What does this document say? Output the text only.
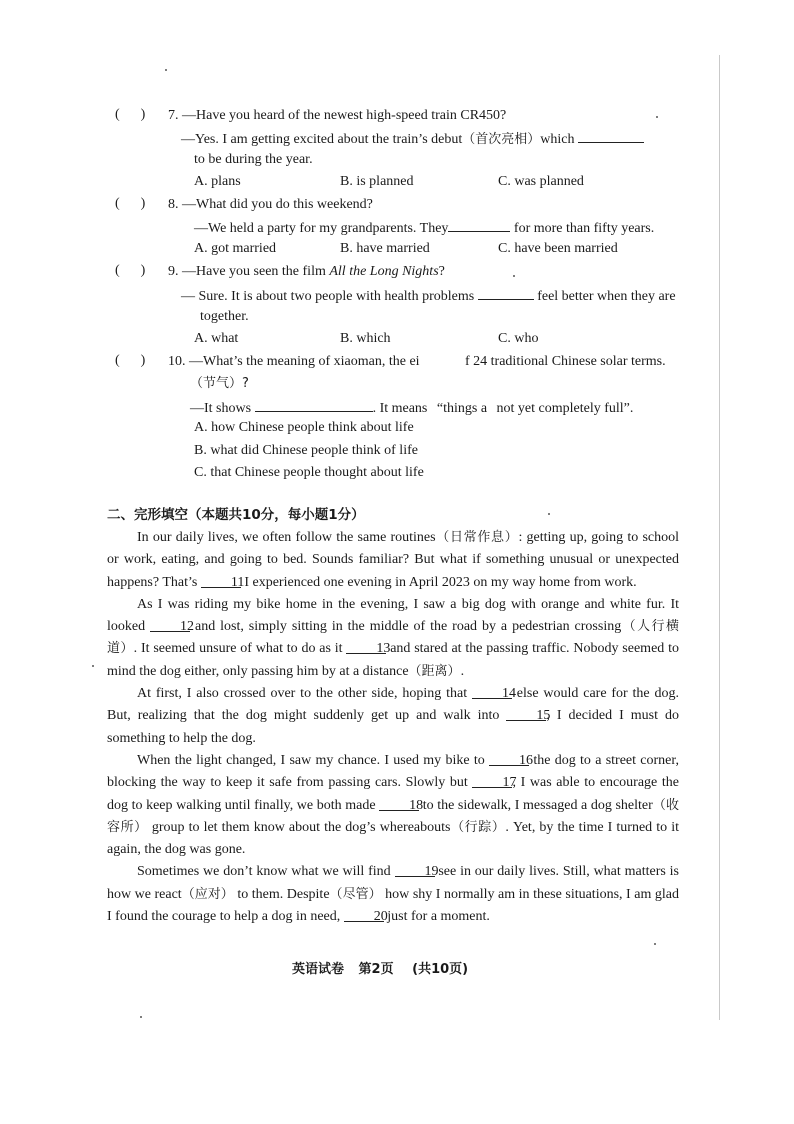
(      ) 7. —Have you heard of the newest high-speed train CR450?
—Yes. I am getting excited about the train’s debut（首次亮相）which
to be during the year.
A. plans	B. is planned	C. was planned
(      ) 8. —What did you do this weekend?
—We held a party for my grandparents. They	for more than fifty years.
A. got married	B. have married	C. have been married
(      ) 9. —Have you seen the film All the Long Nights?
— Sure. It is about two people with health problems	feel better when they are
together.
A. what	B. which	C. who
(      ) 10. —What’s the meaning of xiaoman, the ei	f 24 traditional Chinese solar terms.
（节气）?
—It shows	. It means “things a not yet completely full”.
A. how Chinese people think about life
B. what did Chinese people think of life
C. that Chinese people thought about life
二、完形填空（本题共10分，每小题1分）

In our daily lives, we often follow the same routines（日常作息）: getting up, going to school or work, eating, and going to bed. Sounds familiar? But what if something unusual or unexpected happens? That’s 11 I experienced one evening in April 2023 on my way home from work.

As I was riding my bike home in the evening, I saw a big dog with orange and white fur. It looked 12 and lost, simply sitting in the middle of the road by a pedestrian crossing（人行横道）. It seemed unsure of what to do as it 13 and stared at the passing traffic. Nobody seemed to mind the dog either, only passing him by at a distance（距离）.

At first, I also crossed over to the other side, hoping that 14 else would care for the dog. But, realizing that the dog might suddenly get up and walk into 15, I decided I must do something to help the dog.

When the light changed, I saw my chance. I used my bike to 16 the dog to a street corner, blocking the way to keep it safe from passing cars. Slowly but 17, I was able to encourage the dog to keep walking until finally, we both made 18 to the sidewalk, I messaged a dog shelter（收容所） group to let them know about the dog’s whereabouts（行踪）. Yet, by the time I turned to it again, the dog was gone.

Sometimes we don’t know what we will find 19 see in our daily lives. Still, what matters is how we react（应对） to them. Despite（尽管） how shy I normally am in these situations, I am glad I found the courage to help a dog in need, 20 just for a moment.

英语试卷 第2页 (共10页)
